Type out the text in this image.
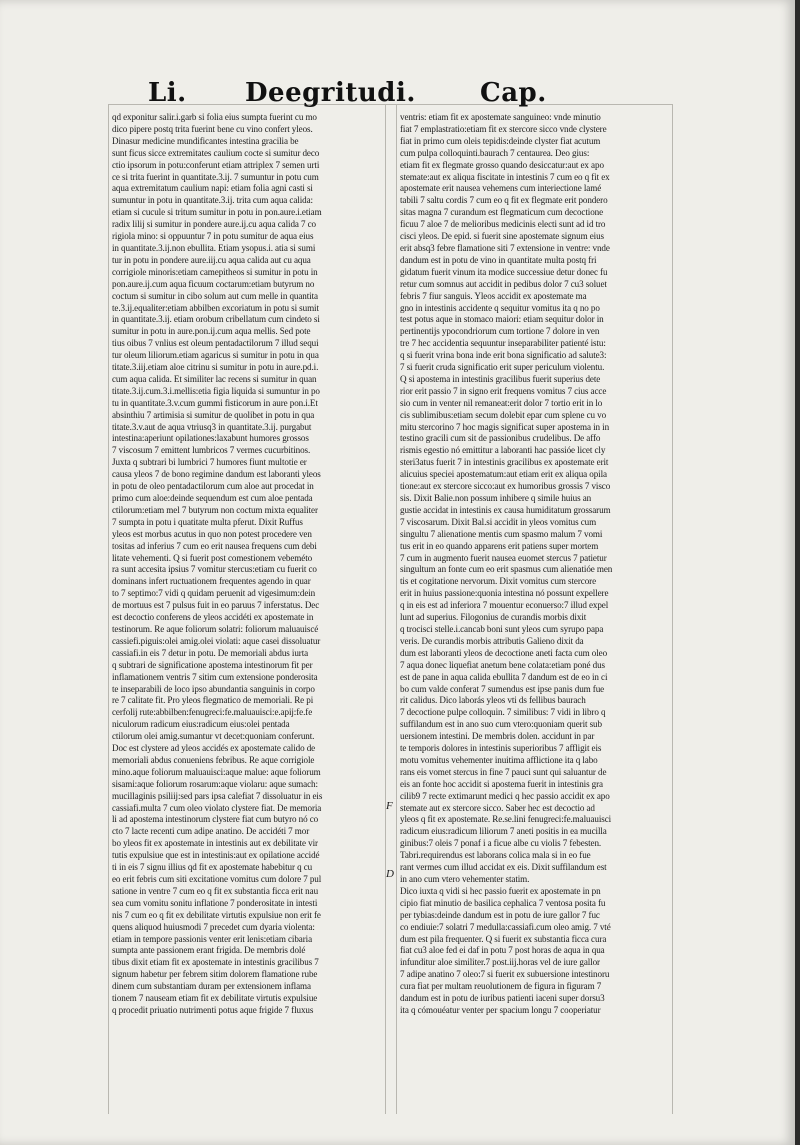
Li. Deegritudi. Cap.
qd exponitur salir.i.garb si folia eius sumpta fuerint cu mo
dico pipere postq trita fuerint bene cu vino confert yleos.
Dinasur medicine mundificantes intestina gracilia be
sunt ficus sicce extremitates caulium cocte si sumitur deco
ctio ipsorum in potu:conferunt etiam attriplex 7 semen urti
ce si trita fuerint in quantitate.3.ij. 7 sumuntur in potu cum
aqua extremitatum caulium napi: etiam folia agni casti si
sumuntur in potu in quantitate.3.ij. trita cum aqua calida:
etiam si cucule si tritum sumitur in potu in pon.aure.i.etiam
radix lilij si sumitur in pondere aure.ij.cu aqua calida 7 co
rigiola mino: si oppuuntur 7 in potu sumitur de aqua eius
in quantitate.3.ij.non ebullita. Etiam ysopus.i. atia si sumi
tur in potu in pondere aure.iij.cu aqua calida aut cu aqua
corrigiole minoris:etiam camepitheos si sumitur in potu in
pon.aure.ij.cum aqua ficuum coctarum:etiam butyrum no
coctum si sumitur in cibo solum aut cum melle in quantita
te.3.ij.equaliter:etiam abbilben excoriatum in potu si sumit
in quantitate.3.ij. etiam orobum cribellatum cum cindeto si
sumitur in potu in aure.pon.ij.cum aqua mellis. Sed pote
tius oibus 7 vnlius est oleum pentadactilorum 7 illud sequi
tur oleum liliorum.etiam agaricus si sumitur in potu in qua
titate.3.iij.etiam aloe citrinu si sumitur in potu in aure.pd.i.
cum aqua calida. Et similiter lac recens si sumitur in quan
titate.3.ij.cum.3.i.mellis:etia figia liquida si sumuntur in po
tu in quantitate.3.v.cum gummi fisticorum in aure pon.i.Et
absinthiu 7 artimisia si sumitur de quolibet in potu in qua
titate.3.v.aut de aqua vtriusq3 in quantitate.3.ij. purgabut
intestina:aperiunt opilationes:laxabunt humores grossos
7 viscosum 7 emittent lumbricos 7 vermes cucurbitinos.
Juxta q subtrari bi lumbrici 7 humores fiunt multotie er
causa yleos 7 de bono regimine dandum est laboranti yleos
in potu de oleo pentadactilorum cum aloe aut procedat in
primo cum aloe:deinde sequendum est cum aloe pentada
ctilorum:etiam mel 7 butyrum non coctum mixta equaliter
7 sumpta in potu i quatitate multa pferut. Dixit Ruffus
yleos est morbus acutus in quo non potest procedere ven
tositas ad inferius 7 cum eo erit nausea frequens cum debi
litate vehementi. Q si fuerit post comestionem vebeméto
ra sunt accesita ipsius 7 vomitur stercus:etiam cu fuerit co
dominans infert ructuationem frequentes agendo in quar
to 7 septimo:7 vidi q quidam peruenit ad vigesimum:dein
de mortuus est 7 pulsus fuit in eo paruus 7 inferstatus. Dec
est decoctio conferens de yleos accidéti ex apostemate in
testinorum. Re aque foliorum solatri: foliorum maluauiscé
cassiefi.piguis:olei amig.olei violati: aque casei dissoluatur
cassiafi.in eis 7 detur in potu. De memoriali abdus iurta
q subtrari de significatione apostema intestinorum fit per
inflamationem ventris 7 sitim cum extensione ponderosita
te inseparabili de loco ipso abundantia sanguinis in corpo
re 7 calitate fit. Pro yleos flegmatico de memoriali. Re pi
cerfolij rute:abbilben:fenugreci:fe.maluauisci:e.apij:fe.fe
niculorum radicum eius:radicum eius:olei pentada
ctilorum olei amig.sumantur vt decet:quoniam conferunt.
Doc est clystere ad yleos accidés ex apostemate calido de
memoriali abdus conueniens febribus. Re aque corrigiole
mino.aque foliorum maluauisci:aque malue: aque foliorum
sisami:aque foliorum rosarum:aque violaru: aque sumach:
mucillaginis psiliij:sed pars ipsa calefiat 7 dissoluatur in eis
cassiafi.multa 7 cum oleo violato clystere fiat. De memoria
li ad apostema intestinorum clystere fiat cum butyro nó co
cto 7 lacte recenti cum adipe anatino. De accidéti 7 mor
bo yleos fit ex apostemate in intestinis aut ex debilitate vir
tutis expulsiue que est in intestinis:aut ex opilatione accidé
ti in eis 7 signu illius qd fit ex apostemate habebitur q cu
eo erit febris cum siti excitatione vomitus cum dolore 7 pul
satione in ventre 7 cum eo q fit ex substantia ficca erit nau
sea cum vomitu sonitu inflatione 7 ponderositate in intesti
nis 7 cum eo q fit ex debilitate virtutis expulsiue non erit fe
quens aliquod huiusmodi 7 precedet cum dyaria violenta:
etiam in tempore passionis venter erit lenis:etiam cibaria
sumpta ante passionem erant frigida. De membris dolé
tibus dixit etiam fit ex apostemate in intestinis gracilibus 7
signum habetur per febrem sitim dolorem flamatione rube
dinem cum substantiam duram per extensionem inflama
tionem 7 nauseam etiam fit ex debilitate virtutis expulsiue
q procedit priuatio nutrimenti potus aque frigide 7 fluxus
ventris: etiam fit ex apostemate sanguineo: vnde minutio
fiat 7 emplastratio:etiam fit ex stercore sicco vnde clystere
fiat in primo cum oleis tepidis:deinde clyster fiat acutum
cum pulpa colloquinti.baurach 7 centaurea. Deo gius:
etiam fit ex flegmate grosso quando desiccatur:aut ex apo
stemate:aut ex aliqua fiscitate in intestinis 7 cum eo q fit ex
apostemate erit nausea vehemens cum interiectione lamé
tabili 7 saltu cordis 7 cum eo q fit ex flegmate erit pondero
sitas magna 7 curandum est flegmaticum cum decoctione
ficuu 7 aloe 7 de melioribus medicinis electi sunt ad id tro
cisci yleos. De epid. si fuerit sine apostemate signum eius
erit absq3 febre flamatione siti 7 extensione in ventre: vnde
dandum est in potu de vino in quantitate multa postq fri
gidatum fuerit vinum ita modice successiue detur donec fu
retur cum somnus aut accidit in pedibus dolor 7 cu3 soluet
febris 7 fiur sanguis. Yleos accidit ex apostemate ma
gno in intestinis accidente q sequitur vomitus ita q no po
test potus aque in stomaco maiori: etiam sequitur dolor in
pertinentijs ypocondriorum cum tortione 7 dolore in ven
tre 7 hec accidentia sequuntur inseparabiliter patienté istu:
q si fuerit vrina bona inde erit bona significatio ad salute3:
7 si fuerit cruda significatio erit super periculum violentu.
Q si apostema in intestinis gracilibus fuerit superius dete
rior erit passio 7 in signo erit frequens vomitus 7 cius acce
sio cum in venter nil remaneat:erit dolor 7 tortio erit in lo
cis sublimibus:etiam secum dolebit epar cum splene cu vo
mitu stercorino 7 hoc magis significat super apostema in in
testino gracili cum sit de passionibus crudelibus. De affo
rismis egestio nó emittitur a laboranti hac passióe licet cly
steri3atus fuerit 7 in intestinis gracilibus ex apostemate erit
alicuius speciei apostematum:aut etiam erit ex aliqua opila
tione:aut ex stercore sicco:aut ex humoribus grossis 7 visco
sis. Dixit Balie.non possum inhibere q simile huius an
gustie accidat in intestinis ex causa humiditatum grossarum
7 viscosarum. Dixit Bal.si accidit in yleos vomitus cum
singultu 7 alienatione mentis cum spasmo malum 7 vomi
tus erit in eo quando apparens erit patiens super mortem
7 cum in augmento fuerit nausea euomet stercus 7 patietur
singultum an fonte cum eo erit spasmus cum alienatióe men
tis et cogitatione nervorum. Dixit vomitus cum stercore
erit in huius passione:quonia intestina nó possunt expellere
q in eis est ad inferiora 7 mouentur econuerso:7 illud expel
lunt ad superius. Filogonius de curandis morbis dixit
q trocisci stelle.i.cancab boni sunt yleos cum syrupo papa
veris. De curandis morbis attributis Galieno dixit da
dum est laboranti yleos de decoctione aneti facta cum oleo
7 aqua donec liquefiat anetum bene colata:etiam poné dus
est de pane in aqua calida ebullita 7 dandum est de eo in ci
bo cum valde conferat 7 sumendus est ipse panis dum fue
rit calidus. Dico laborás yleos vti ds fellibus baurach
7 decoctione pulpe colloquin. 7 similibus: 7 vidi in libro q
suffilandum est in ano suo cum vtero:quoniam querit sub
uersionem intestini. De membris dolen. accidunt in par
te temporis dolores in intestinis superioribus 7 affligit eis
motu vomitus vehementer inuitima afflictione ita q labo
rans eis vomet stercus in fine 7 pauci sunt qui saluantur de
eis an fonte hoc accidit si apostema fuerit in intestinis gra
cilib9 7 recte extimarunt medici q hec passio accidit ex apo
stemate aut ex stercore sicco. Saber hec est decoctio ad
yleos q fit ex apostemate. Re.se.lini fenugreci:fe.maluauisci
radicum eius:radicum liliorum 7 aneti positis in ea mucilla
ginibus:7 oleis 7 ponaf i a ficue albe cu violis 7 febesten.
Tabri.requirendus est laborans colica mala si in eo fue
rant vermes cum illud accidat ex eis. Dixit suffilandum est
in ano cum vtero vehementer statim.
Dico iuxta q vidi si hec passio fuerit ex apostemate in pn
cipio fiat minutio de basilica cephalica 7 ventosa posita fu
per tybias:deinde dandum est in potu de iure gallor 7 fuc
co endiuie:7 solatri 7 medulla:cassiafi.cum oleo amig. 7 vté
dum est pila frequenter. Q si fuerit ex substantia ficca cura
fiat cu3 aloe fed ei daf in potu 7 post horas de aqua in qua
infunditur aloe similiter.7 post.iij.horas vel de iure gallor
7 adipe anatino 7 oleo:7 si fuerit ex subuersione intestinoru
cura fiat per multam reuolutionem de figura in figuram 7
dandum est in potu de iuribus patienti iaceni super dorsu3
ita q cómouéatur venter per spacium longu 7 cooperiatur
F
D
